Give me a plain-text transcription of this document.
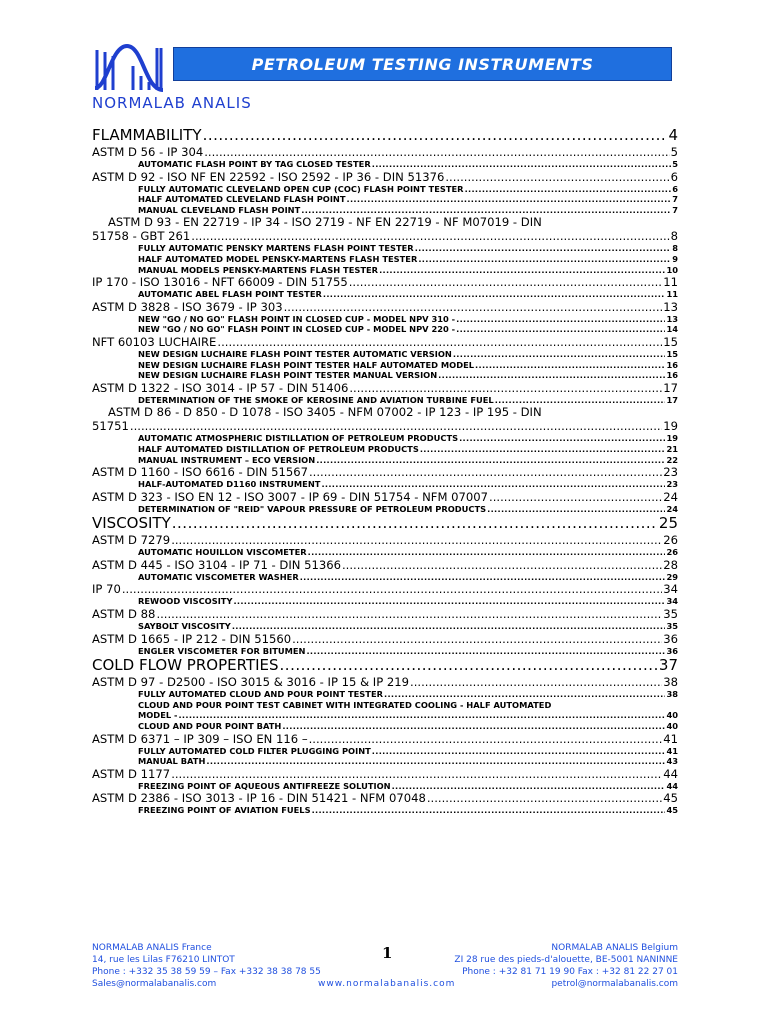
NORMALAB ANALIS
PETROLEUM TESTING INSTRUMENTS
FLAMMABILITY .....	4
ASTM D 56 - IP 304 .....	5
AUTOMATIC FLASH POINT BY TAG CLOSED TESTER .....	5
ASTM D 92 - ISO NF EN 22592 - ISO 2592 - IP 36 - DIN 51376 .....	6
FULLY AUTOMATIC CLEVELAND OPEN CUP (COC) FLASH POINT TESTER .....	6
HALF AUTOMATED CLEVELAND FLASH POINT .....	7
MANUAL CLEVELAND FLASH POINT .....	7
ASTM D 93 - EN 22719 - IP 34 - ISO 2719 - NF EN 22719 - NF M07019 - DIN
51758 - GBT 261 .....	8
FULLY AUTOMATIC PENSKY MARTENS FLASH POINT TESTER .....	8
HALF AUTOMATED MODEL PENSKY-MARTENS FLASH TESTER .....	9
MANUAL MODELS PENSKY-MARTENS FLASH TESTER .....	10
IP 170 - ISO 13016 - NFT 66009 - DIN 51755 .....	11
AUTOMATIC ABEL FLASH POINT TESTER .....	11
ASTM D 3828 - ISO 3679 - IP 303 .....	13
NEW "GO / NO GO" FLASH POINT IN CLOSED CUP - MODEL NPV 310 - .....	13
NEW "GO / NO GO" FLASH POINT IN CLOSED CUP - MODEL NPV 220 - .....	14
NFT 60103 LUCHAIRE .....	15
NEW DESIGN LUCHAIRE FLASH POINT TESTER AUTOMATIC VERSION .....	15
NEW DESIGN LUCHAIRE FLASH POINT TESTER HALF AUTOMATED MODEL .....	16
NEW DESIGN LUCHAIRE FLASH POINT TESTER MANUAL VERSION .....	16
ASTM D 1322 - ISO 3014 - IP 57 - DIN 51406 .....	17
DETERMINATION OF THE SMOKE OF KEROSINE AND AVIATION TURBINE FUEL .....	17
ASTM D 86 - D 850 - D 1078 - ISO 3405 - NFM 07002 - IP 123 - IP 195 - DIN
51751 .....	19
AUTOMATIC ATMOSPHERIC DISTILLATION OF PETROLEUM PRODUCTS .....	19
HALF AUTOMATED DISTILLATION OF PETROLEUM PRODUCTS .....	21
MANUAL INSTRUMENT – ECO VERSION .....	22
ASTM D 1160 - ISO 6616 - DIN 51567 .....	23
HALF-AUTOMATED D1160 INSTRUMENT .....	23
ASTM D 323 - ISO EN 12 - ISO 3007 - IP 69 - DIN 51754 - NFM 07007 .....	24
DETERMINATION OF "REID" VAPOUR PRESSURE OF PETROLEUM PRODUCTS .....	24
VISCOSITY .....	25
ASTM D 7279 .....	26
AUTOMATIC HOUILLON VISCOMETER .....	26
ASTM D 445 - ISO 3104 - IP 71 - DIN 51366 .....	28
AUTOMATIC VISCOMETER WASHER .....	29
IP 70 .....	34
REWOOD VISCOSITY .....	34
ASTM D 88 .....	35
SAYBOLT VISCOSITY .....	35
ASTM D 1665 - IP 212 - DIN 51560 .....	36
ENGLER VISCOMETER FOR BITUMEN .....	36
COLD FLOW PROPERTIES .....	37
ASTM D 97 - D2500 - ISO 3015 & 3016 - IP 15 & IP 219 .....	38
FULLY AUTOMATED CLOUD AND POUR POINT TESTER .....	38
CLOUD AND POUR POINT TEST CABINET WITH INTEGRATED COOLING - HALF AUTOMATED
MODEL - .....	40
CLOUD AND POUR POINT BATH .....	40
ASTM D 6371 – IP 309 – ISO EN 116 – .....	41
FULLY AUTOMATED COLD FILTER PLUGGING POINT .....	41
MANUAL BATH .....	43
ASTM D 1177 .....	44
FREEZING POINT OF AQUEOUS ANTIFREEZE SOLUTION .....	44
ASTM D 2386 - ISO 3013 - IP 16 - DIN 51421 - NFM 07048 .....	45
FREEZING POINT OF AVIATION FUELS .....	45
1
NORMALAB ANALIS France
14, rue les Lilas F76210 LINTOT
Phone : +332 35 38 59 59 – Fax +332 38 38 78 55
Sales@normalabanalis.com	www.normalabanalis.com
NORMALAB ANALIS Belgium
ZI 28 rue des pieds-d'alouette, BE-5001 NANINNE
Phone : +32 81 71 19 90 Fax : +32 81 22 27 01
petrol@normalabanalis.com
